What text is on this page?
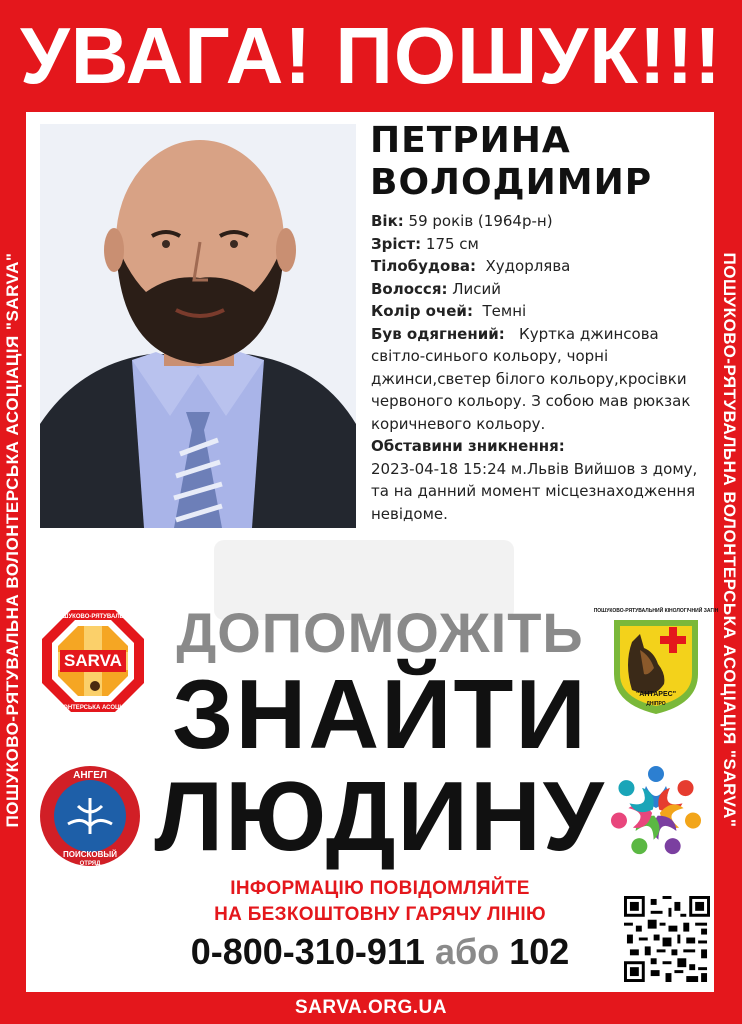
УВАГА! ПОШУК!!!
ПОШУКОВО-РЯТУВАЛЬНА ВОЛОНТЕРСЬКА АСОЦІАЦІЯ "SARVA"	ПОШУКОВО-РЯТУВАЛЬНА ВОЛОНТЕРСЬКА АСОЦІАЦІЯ "SARVA"
ПЕТРИНА
ВОЛОДИМИР
Вік: 59 років (1964р-н)
Зріст: 175 см
Тілобудова: Худорлява
Волосся: Лисий
Колір очей: Темні
Був одягнений: Куртка джинсова світло-синього кольору, чорні джинси,светер білого кольору,кросівки червоного кольору. З собою мав рюкзак коричневого кольору.
Обставини зникнення:
2023-04-18 15:24 м.Львів Вийшов з дому, та на данний момент місцезнаходження невідоме.
SARVA
ПОШУКОВО-РЯТУВАЛЬНА
ВОЛОНТЕРСЬКА АСОЦІАЦІЯ
ПОШУКОВО-РЯТУВАЛЬНИЙ КІНОЛОГІЧНИЙ ЗАГІН
"АНТАРЕС"
ДНІПРО
АНГЕЛ
ПОИСКОВЫЙ
ОТРЯД
ДОПОМОЖІТЬ
ЗНАЙТИ
ЛЮДИНУ
ІНФОРМАЦІЮ ПОВІДОМЛЯЙТЕ
НА БЕЗКОШТОВНУ ГАРЯЧУ ЛІНІЮ
0-800-310-911 або 102
SARVA.ORG.UA
